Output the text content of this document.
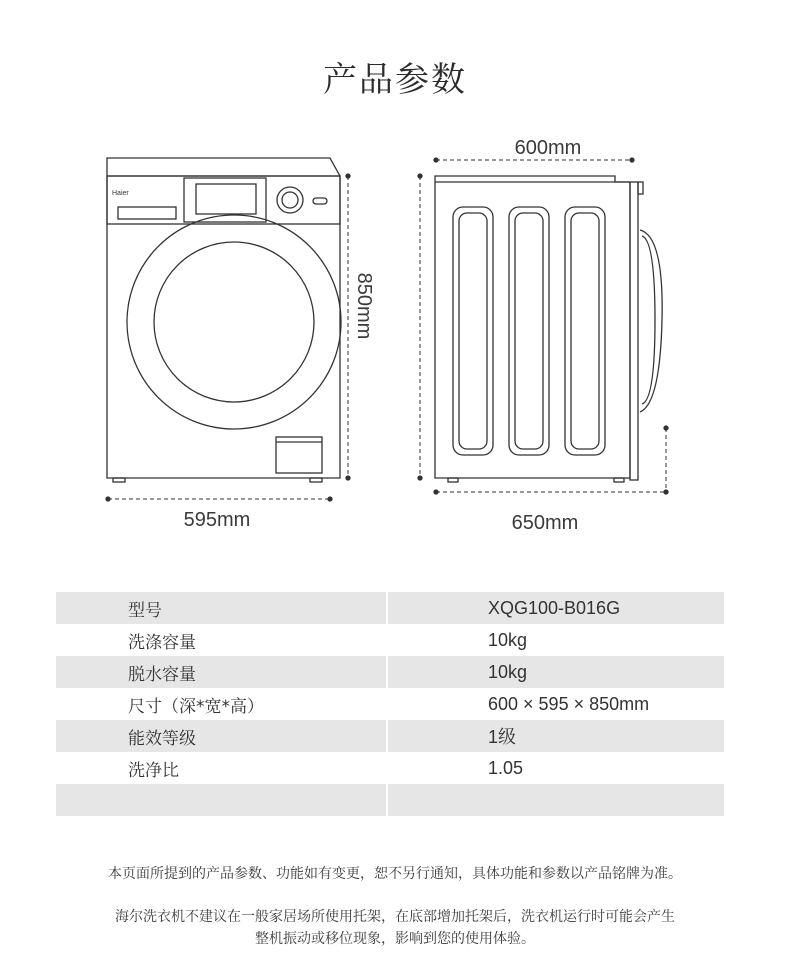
产品参数
Haier
595mm
850mm
600mm
650mm
型号		XQG100-B016G
洗涤容量		10kg
脱水容量		10kg
尺寸（深*宽*高）		600 × 595 × 850mm
能效等级		1级
洗净比		1.05

本页面所提到的产品参数、功能如有变更，恕不另行通知，具体功能和参数以产品铭牌为准。
海尔洗衣机不建议在一般家居场所使用托架，在底部增加托架后，洗衣机运行时可能会产生
整机振动或移位现象，影响到您的使用体验。
